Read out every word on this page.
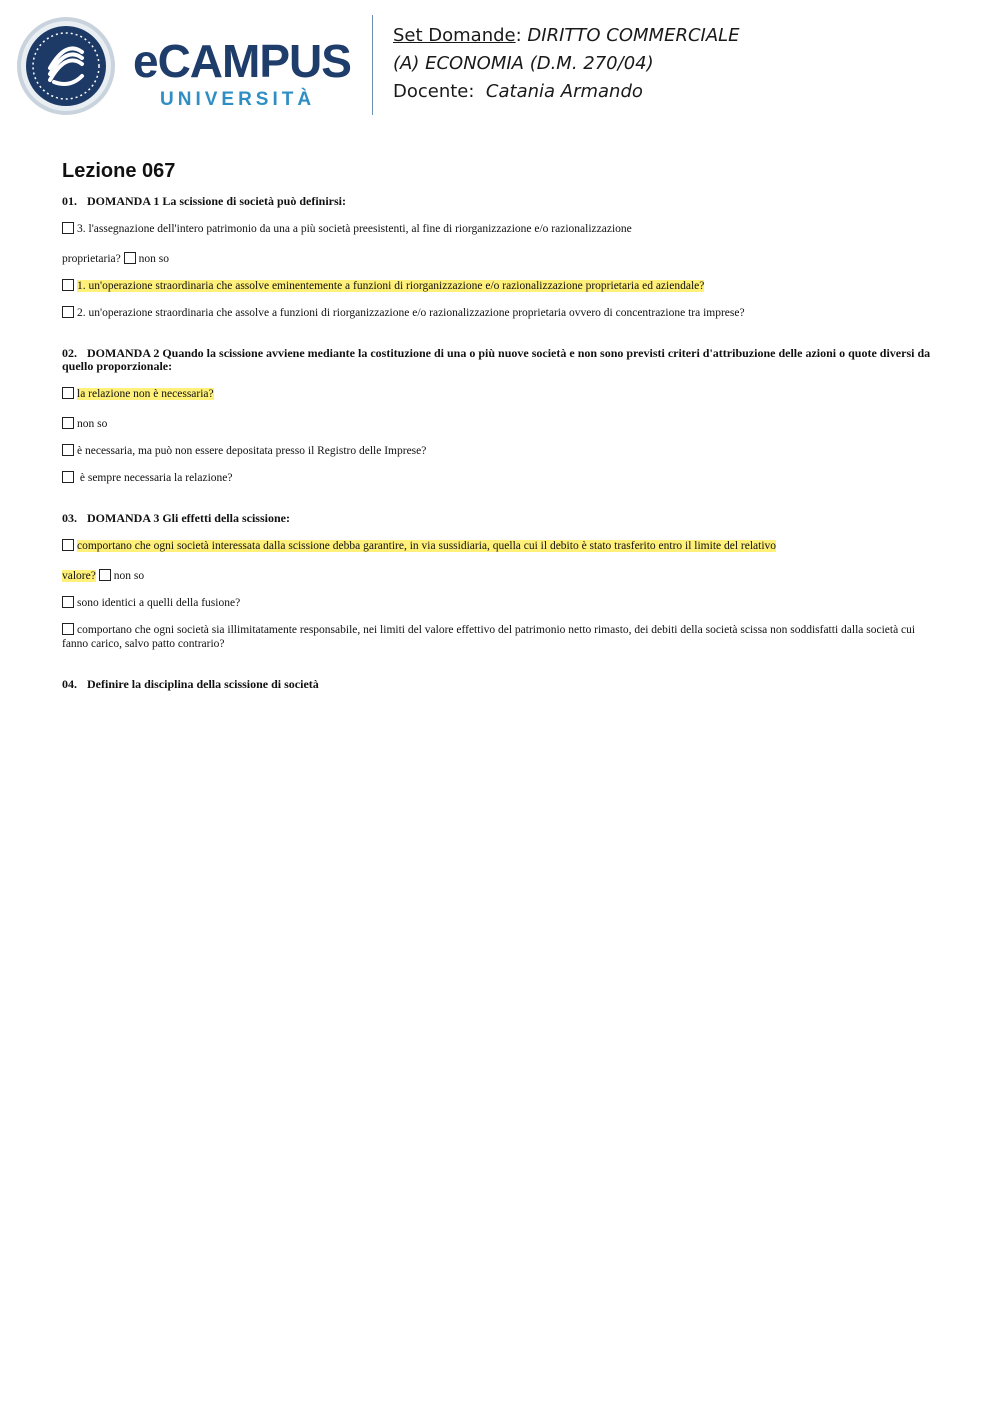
eCAMPUS
UNIVERSITÀ
Set Domande: DIRITTO COMMERCIALE
(A) ECONOMIA (D.M. 270/04)
Docente: Catania Armando
Lezione 067
01. DOMANDA 1 La scissione di società può definirsi:
3. l'assegnazione dell'intero patrimonio da una a più società preesistenti, al fine di riorganizzazione e/o razionalizzazione
proprietaria? non so
1. un'operazione straordinaria che assolve eminentemente a funzioni di riorganizzazione e/o razionalizzazione proprietaria ed aziendale?
2. un'operazione straordinaria che assolve a funzioni di riorganizzazione e/o razionalizzazione proprietaria ovvero di concentrazione tra imprese?
02. DOMANDA 2 Quando la scissione avviene mediante la costituzione di una o più nuove società e non sono previsti criteri d'attribuzione delle azioni o quote diversi da quello proporzionale:
la relazione non è necessaria?
non so
è necessaria, ma può non essere depositata presso il Registro delle Imprese?
è sempre necessaria la relazione?
03. DOMANDA 3 Gli effetti della scissione:
comportano che ogni società interessata dalla scissione debba garantire, in via sussidiaria, quella cui il debito è stato trasferito entro il limite del relativo
valore? non so
sono identici a quelli della fusione?
comportano che ogni società sia illimitatamente responsabile, nei limiti del valore effettivo del patrimonio netto rimasto, dei debiti della società scissa non soddisfatti dalla società cui fanno carico, salvo patto contrario?
04. Definire la disciplina della scissione di società
